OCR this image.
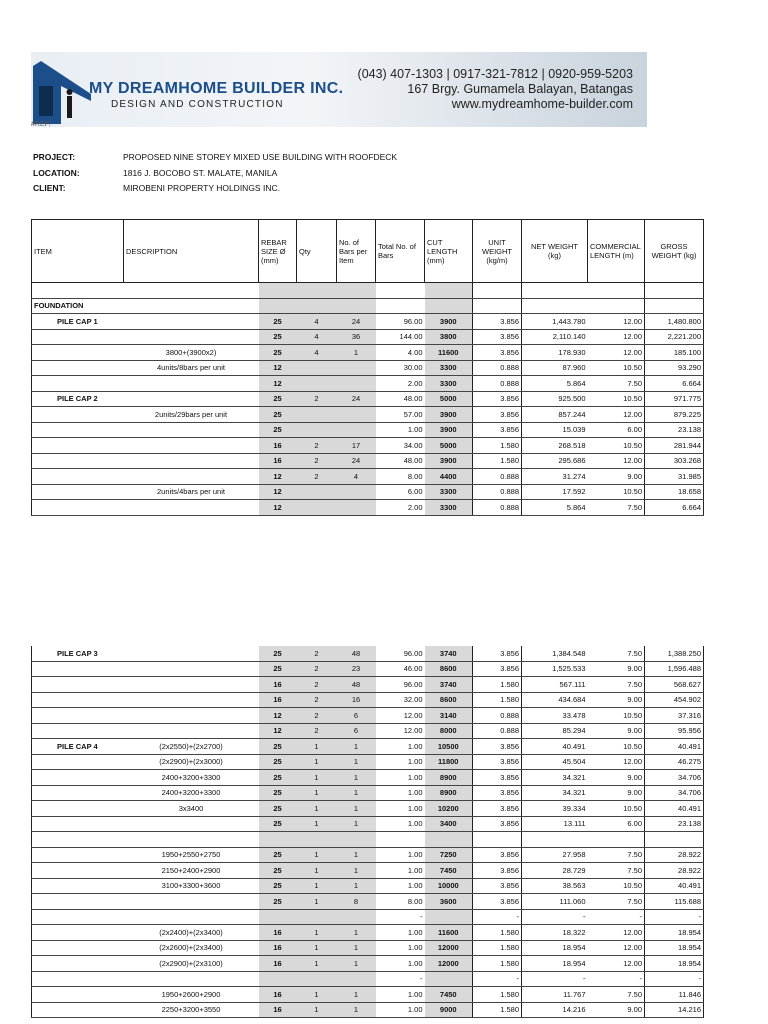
MY DREAMHOME BUILDER INC.
DESIGN AND CONSTRUCTION
(043) 407-1303 | 0917-321-7812 | 0920-959-5203
167 Brgy. Gumamela Balayan, Batangas
www.mydreamhome-builder.com
#REF!
PROJECT:	PROPOSED NINE STOREY MIXED USE BUILDING WITH ROOFDECK
LOCATION:	1816 J. BOCOBO ST. MALATE, MANILA
CLIENT:	MIROBENI PROPERTY HOLDINGS INC.
ITEM	DESCRIPTION	REBAR SIZE Ø (mm)	Qty	No. of Bars per Item	Total No. of Bars	CUT LENGTH (mm)	UNIT WEIGHT (kg/m)	NET WEIGHT (kg)	COMMERCIAL LENGTH (m)	GROSS WEIGHT (kg)

FOUNDATION										
PILE CAP 1		25	4	24	96.00	3900	3.856	1,443.780	12.00	1,480.800
		25	4	36	144.00	3800	3.856	2,110.140	12.00	2,221.200
	3800+(3900x2)	25	4	1	4.00	11600	3.856	178.930	12.00	185.100
	4units/8bars per unit	12			30.00	3300	0.888	87.960	10.50	93.290
		12			2.00	3300	0.888	5.864	7.50	6.664
PILE CAP 2		25	2	24	48.00	5000	3.856	925.500	10.50	971.775
	2units/29bars per unit	25			57.00	3900	3.856	857.244	12.00	879.225
		25			1.00	3900	3.856	15.039	6.00	23.138
		16	2	17	34.00	5000	1.580	268.518	10.50	281.944
		16	2	24	48.00	3900	1.580	295.686	12.00	303.268
		12	2	4	8.00	4400	0.888	31.274	9.00	31.985
	2units/4bars per unit	12			6.00	3300	0.888	17.592	10.50	18.658
		12			2.00	3300	0.888	5.864	7.50	6.664
PILE CAP 3		25	2	48	96.00	3740	3.856	1,384.548	7.50	1,388.250
		25	2	23	46.00	8600	3.856	1,525.533	9.00	1,596.488
		16	2	48	96.00	3740	1.580	567.111	7.50	568.627
		16	2	16	32.00	8600	1.580	434.684	9.00	454.902
		12	2	6	12.00	3140	0.888	33.478	10.50	37.316
		12	2	6	12.00	8000	0.888	85.294	9.00	95.956
PILE CAP 4	(2x2550)+(2x2700)	25	1	1	1.00	10500	3.856	40.491	10.50	40.491
	(2x2900)+(2x3000)	25	1	1	1.00	11800	3.856	45.504	12.00	46.275
	2400+3200+3300	25	1	1	1.00	8900	3.856	34.321	9.00	34.706
	2400+3200+3300	25	1	1	1.00	8900	3.856	34.321	9.00	34.706
	3x3400	25	1	1	1.00	10200	3.856	39.334	10.50	40.491
		25	1	1	1.00	3400	3.856	13.111	6.00	23.138

	1950+2550+2750	25	1	1	1.00	7250	3.856	27.958	7.50	28.922
	2150+2400+2900	25	1	1	1.00	7450	3.856	28.729	7.50	28.922
	3100+3300+3600	25	1	1	1.00	10000	3.856	38.563	10.50	40.491
		25	1	8	8.00	3600	3.856	111.060	7.50	115.688
					-		-	-	-	-
	(2x2400)+(2x3400)	16	1	1	1.00	11600	1.580	18.322	12.00	18.954
	(2x2600)+(2x3400)	16	1	1	1.00	12000	1.580	18.954	12.00	18.954
	(2x2900)+(2x3100)	16	1	1	1.00	12000	1.580	18.954	12.00	18.954
					-		-	-	-	-
	1950+2600+2900	16	1	1	1.00	7450	1.580	11.767	7.50	11.846
	2250+3200+3550	16	1	1	1.00	9000	1.580	14.216	9.00	14.216
